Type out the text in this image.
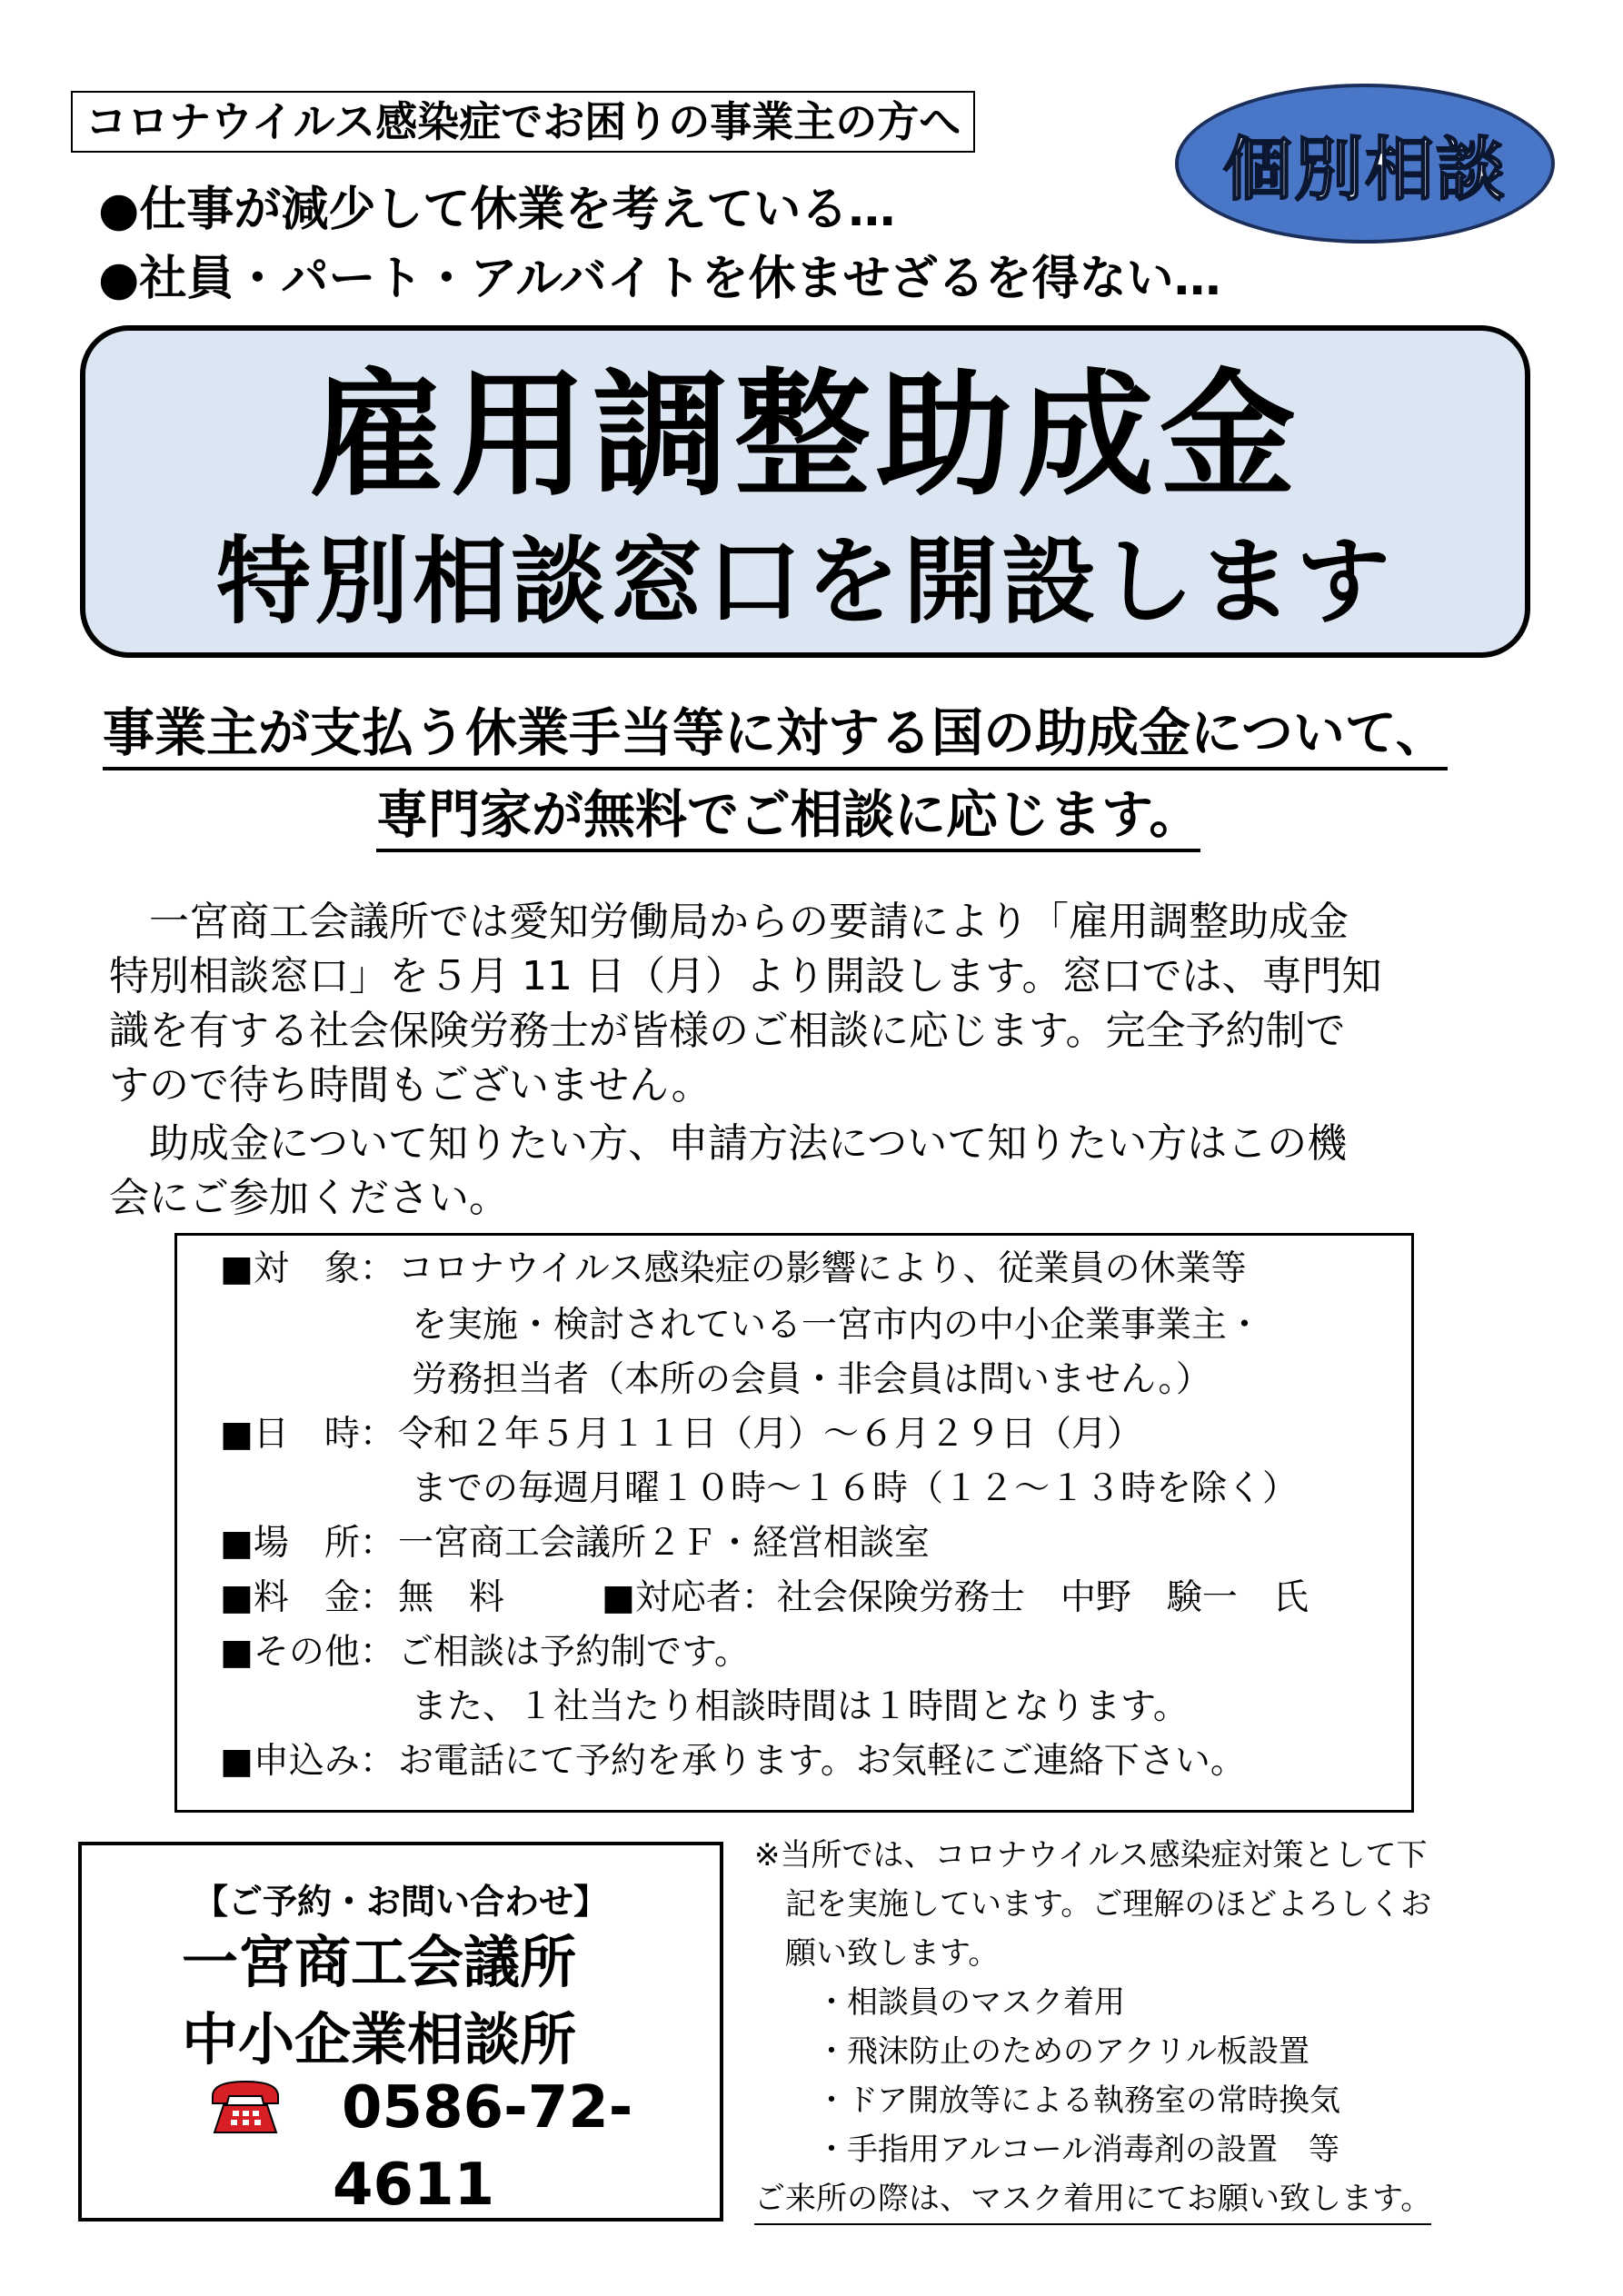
コロナウイルス感染症でお困りの事業主の方へ
個別相談
●仕事が減少して休業を考えている…
●社員・パート・アルバイトを休ませざるを得ない…
雇用調整助成金
特別相談窓口を開設します
事業主が支払う休業手当等に対する国の助成金について、
専門家が無料でご相談に応じます。
　一宮商工会議所では愛知労働局からの要請により「雇用調整助成金
特別相談窓口」を５月 11 日（月）より開設します。窓口では、専門知
識を有する社会保険労務士が皆様のご相談に応じます。完全予約制で
すので待ち時間もございません。
　助成金について知りたい方、申請方法について知りたい方はこの機
会にご参加ください。
■対　象：コロナウイルス感染症の影響により、従業員の休業等
を実施・検討されている一宮市内の中小企業事業主・
労務担当者（本所の会員・非会員は問いません。）
■日　時：令和２年５月１１日（月）～６月２９日（月）
までの毎週月曜１０時～１６時（１２～１３時を除く）
■場　所：一宮商工会議所２Ｆ・経営相談室
■料　金：無　料	■対応者：社会保険労務士　中野　験一　氏
■その他：ご相談は予約制です。
また、１社当たり相談時間は１時間となります。
■申込み：お電話にて予約を承ります。お気軽にご連絡下さい。
【ご予約・お問い合わせ】
一宮商工会議所
中小企業相談所
0586-72-
4611
※当所では、コロナウイルス感染症対策として下
　記を実施しています。ご理解のほどよろしくお
　願い致します。
　　・相談員のマスク着用
　　・飛沫防止のためのアクリル板設置
　　・ドア開放等による執務室の常時換気
　　・手指用アルコール消毒剤の設置　等
ご来所の際は、マスク着用にてお願い致します。
